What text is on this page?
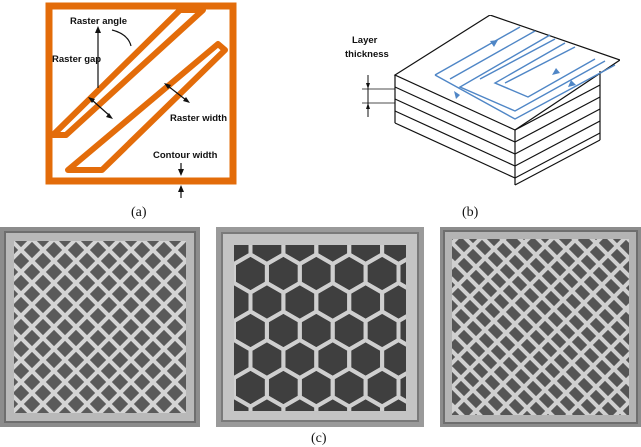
Raster angle
Raster gap
Raster width
Contour width
(a)
Layer
thickness
(b)
(c)
